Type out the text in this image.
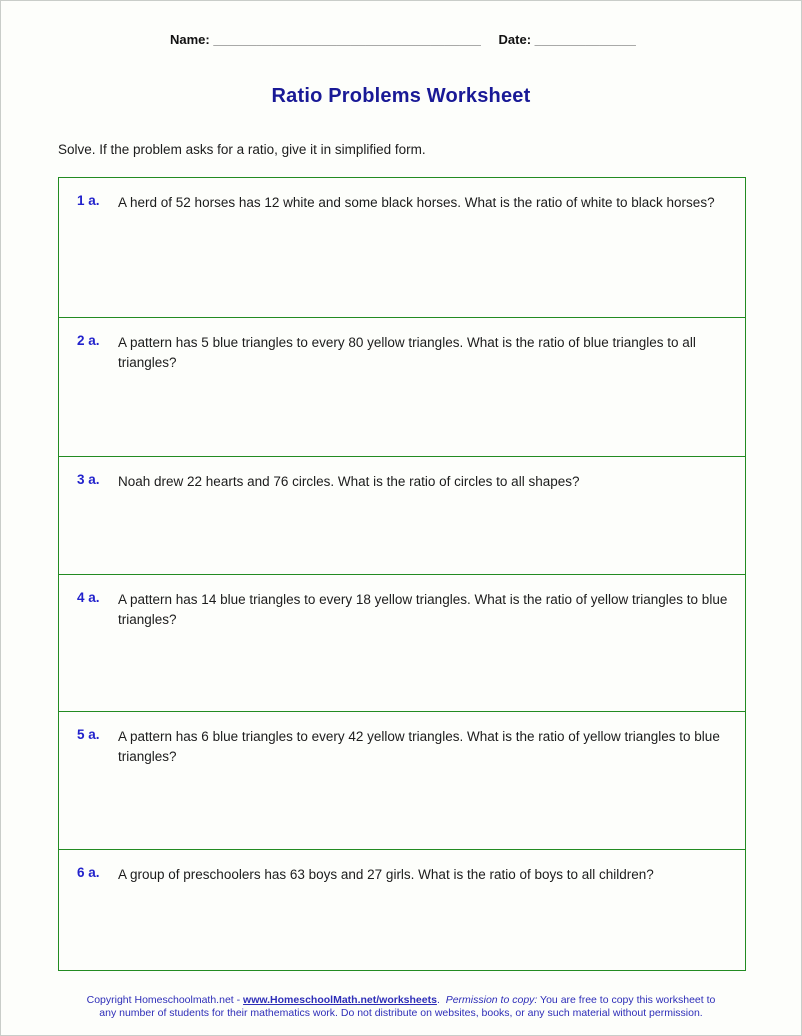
Name: _____________________________________ Date: ______________
Ratio Problems Worksheet
Solve. If the problem asks for a ratio, give it in simplified form.
1 a.	A herd of 52 horses has 12 white and some black horses. What is the ratio of white to black horses?
2 a.	A pattern has 5 blue triangles to every 80 yellow triangles. What is the ratio of blue triangles to all triangles?
3 a.	Noah drew 22 hearts and 76 circles. What is the ratio of circles to all shapes?
4 a.	A pattern has 14 blue triangles to every 18 yellow triangles. What is the ratio of yellow triangles to blue triangles?
5 a.	A pattern has 6 blue triangles to every 42 yellow triangles. What is the ratio of yellow triangles to blue triangles?
6 a.	A group of preschoolers has 63 boys and 27 girls. What is the ratio of boys to all children?
Copyright Homeschoolmath.net - www.HomeschoolMath.net/worksheets.  Permission to copy: You are free to copy this worksheet to any number of students for their mathematics work. Do not distribute on websites, books, or any such material without permission.
